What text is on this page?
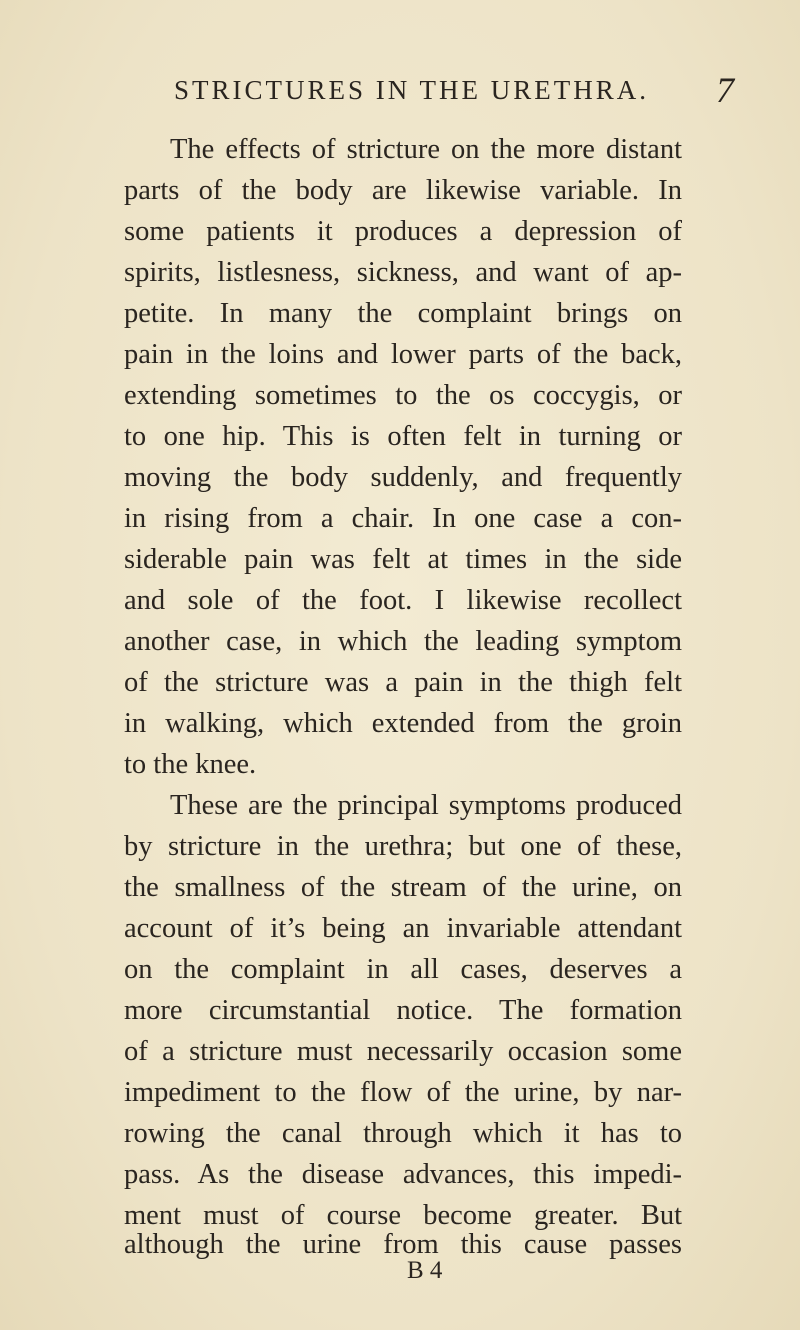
STRICTURES IN THE URETHRA. 7
The effects of stricture on the more distant
parts of the body are likewise variable. In
some patients it produces a depression of
spirits, listlesness, sickness, and want of ap-
petite. In many the complaint brings on
pain in the loins and lower parts of the back,
extending sometimes to the os coccygis, or
to one hip. This is often felt in turning or
moving the body suddenly, and frequently
in rising from a chair. In one case a con-
siderable pain was felt at times in the side
and sole of the foot. I likewise recollect
another case, in which the leading symptom
of the stricture was a pain in the thigh felt
in walking, which extended from the groin
to the knee.
These are the principal symptoms produced
by stricture in the urethra; but one of these,
the smallness of the stream of the urine, on
account of it’s being an invariable attendant
on the complaint in all cases, deserves a
more circumstantial notice. The formation
of a stricture must necessarily occasion some
impediment to the flow of the urine, by nar-
rowing the canal through which it has to
pass. As the disease advances, this impedi-
ment must of course become greater. But
although the urine from this cause passes
B 4
